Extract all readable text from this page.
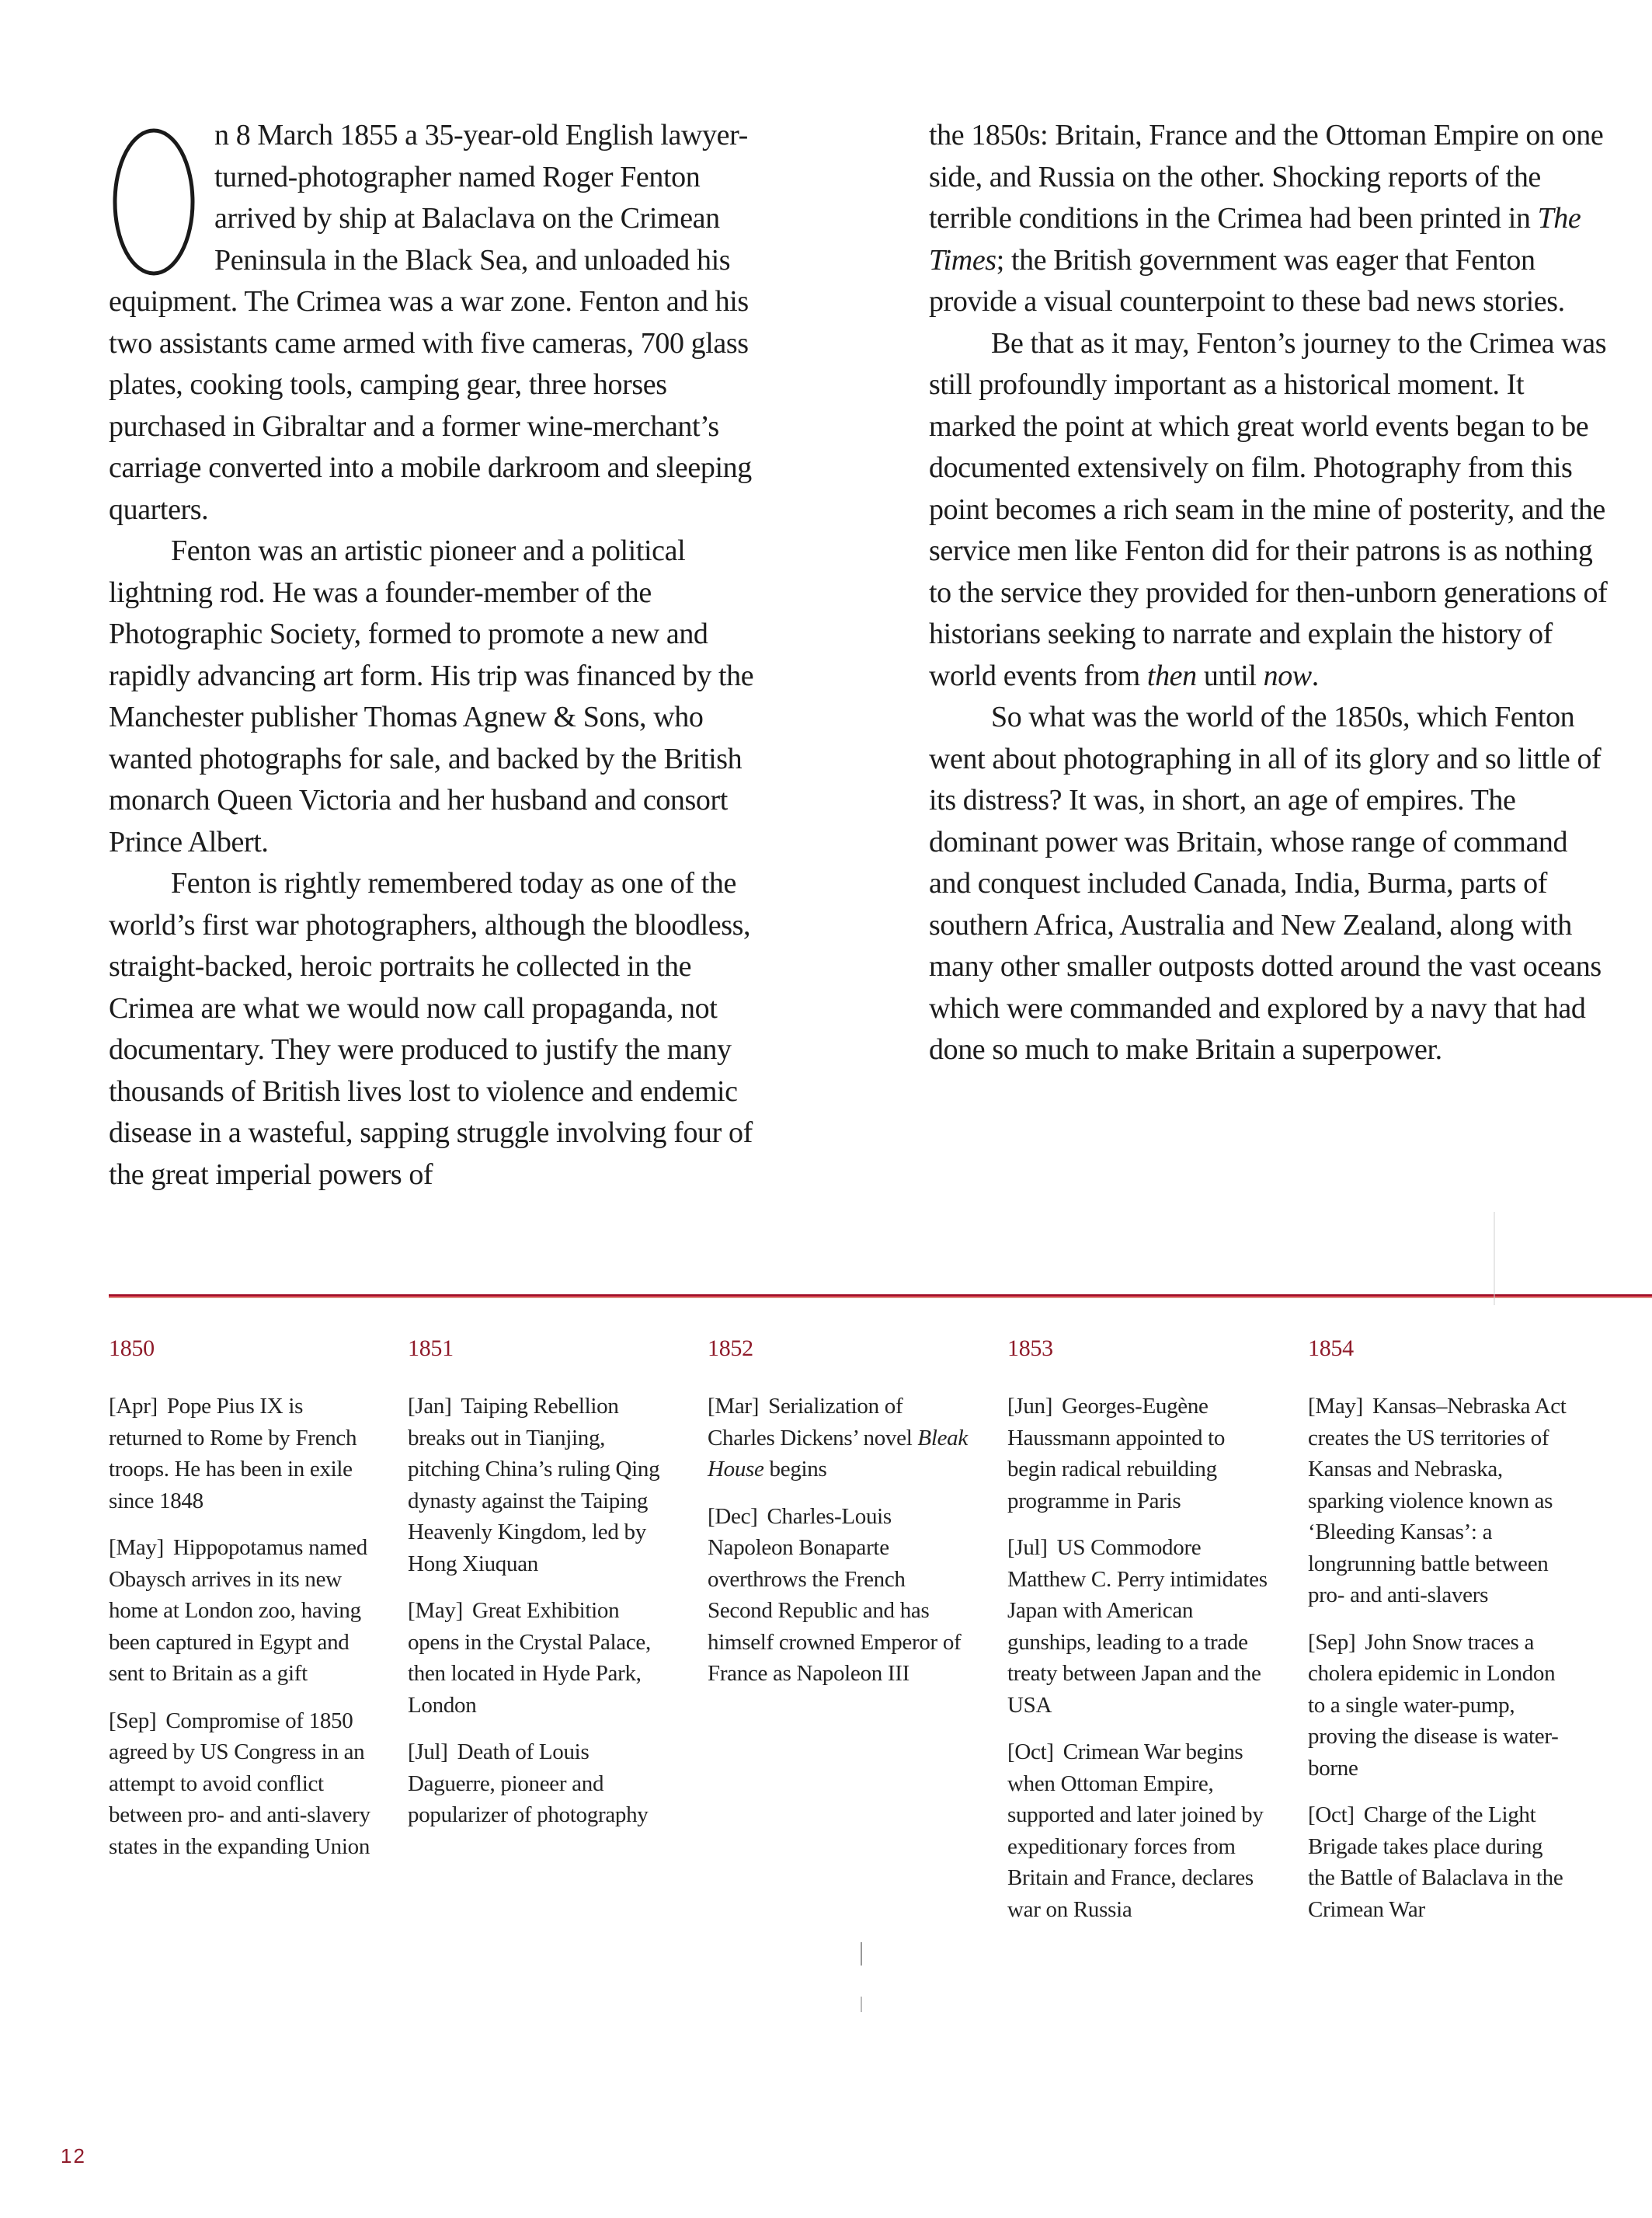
n 8 March 1855 a 35-year-old English lawyer-turned-photographer named Roger Fenton arrived by ship at Balaclava on the Crimean Peninsula in the Black Sea, and unloaded his equipment. The Crimea was a war zone. Fenton and his two assistants came armed with five cameras, 700 glass plates, cooking tools, camping gear, three horses purchased in Gibraltar and a former wine-merchant’s carriage converted into a mobile darkroom and sleeping quarters.

Fenton was an artistic pioneer and a political lightning rod. He was a founder-member of the Photographic Society, formed to promote a new and rapidly advancing art form. His trip was financed by the Manchester publisher Thomas Agnew & Sons, who wanted photographs for sale, and backed by the British monarch Queen Victoria and her husband and consort Prince Albert.

Fenton is rightly remembered today as one of the world’s first war photographers, although the bloodless, straight-backed, heroic portraits he collected in the Crimea are what we would now call propaganda, not documentary. They were produced to justify the many thousands of British lives lost to violence and endemic disease in a wasteful, sapping struggle involving four of the great imperial powers of

the 1850s: Britain, France and the Ottoman Empire on one side, and Russia on the other. Shocking reports of the terrible conditions in the Crimea had been printed in The Times; the British government was eager that Fenton provide a visual counterpoint to these bad news stories.

Be that as it may, Fenton’s journey to the Crimea was still profoundly important as a historical moment. It marked the point at which great world events began to be documented extensively on film. Photography from this point becomes a rich seam in the mine of posterity, and the service men like Fenton did for their patrons is as nothing to the service they provided for then-unborn generations of historians seeking to narrate and explain the history of world events from then until now.

So what was the world of the 1850s, which Fenton went about photographing in all of its glory and so little of its distress? It was, in short, an age of empires. The dominant power was Britain, whose range of command and conquest included Canada, India, Burma, parts of southern Africa, Australia and New Zealand, along with many other smaller outposts dotted around the vast oceans which were commanded and explored by a navy that had done so much to make Britain a superpower.

1850

[Apr] Pope Pius IX is returned to Rome by French troops. He has been in exile since 1848

[May] Hippopotamus named Obaysch arrives in its new home at London zoo, having been captured in Egypt and sent to Britain as a gift

[Sep] Compromise of 1850 agreed by US Congress in an attempt to avoid conflict between pro- and anti-slavery states in the expanding Union

1851

[Jan] Taiping Rebellion breaks out in Tianjing, pitching China’s ruling Qing dynasty against the Taiping Heavenly Kingdom, led by Hong Xiuquan

[May] Great Exhibition opens in the Crystal Palace, then located in Hyde Park, London

[Jul] Death of Louis Daguerre, pioneer and popularizer of photography

1852

[Mar] Serialization of Charles Dickens’ novel Bleak House begins

[Dec] Charles-Louis Napoleon Bonaparte overthrows the French Second Republic and has himself crowned Emperor of France as Napoleon III

1853

[Jun] Georges-Eugène Haussmann appointed to begin radical rebuilding programme in Paris

[Jul] US Commodore Matthew C. Perry intimidates Japan with American gunships, leading to a trade treaty between Japan and the USA

[Oct] Crimean War begins when Ottoman Empire, supported and later joined by expeditionary forces from Britain and France, declares war on Russia

1854

[May] Kansas–Nebraska Act creates the US territories of Kansas and Nebraska, sparking violence known as ‘Bleeding Kansas’: a longrunning battle between pro- and anti-slavers

[Sep] John Snow traces a cholera epidemic in London to a single water-pump, proving the disease is water-borne

[Oct] Charge of the Light Brigade takes place during the Battle of Balaclava in the Crimean War

12
